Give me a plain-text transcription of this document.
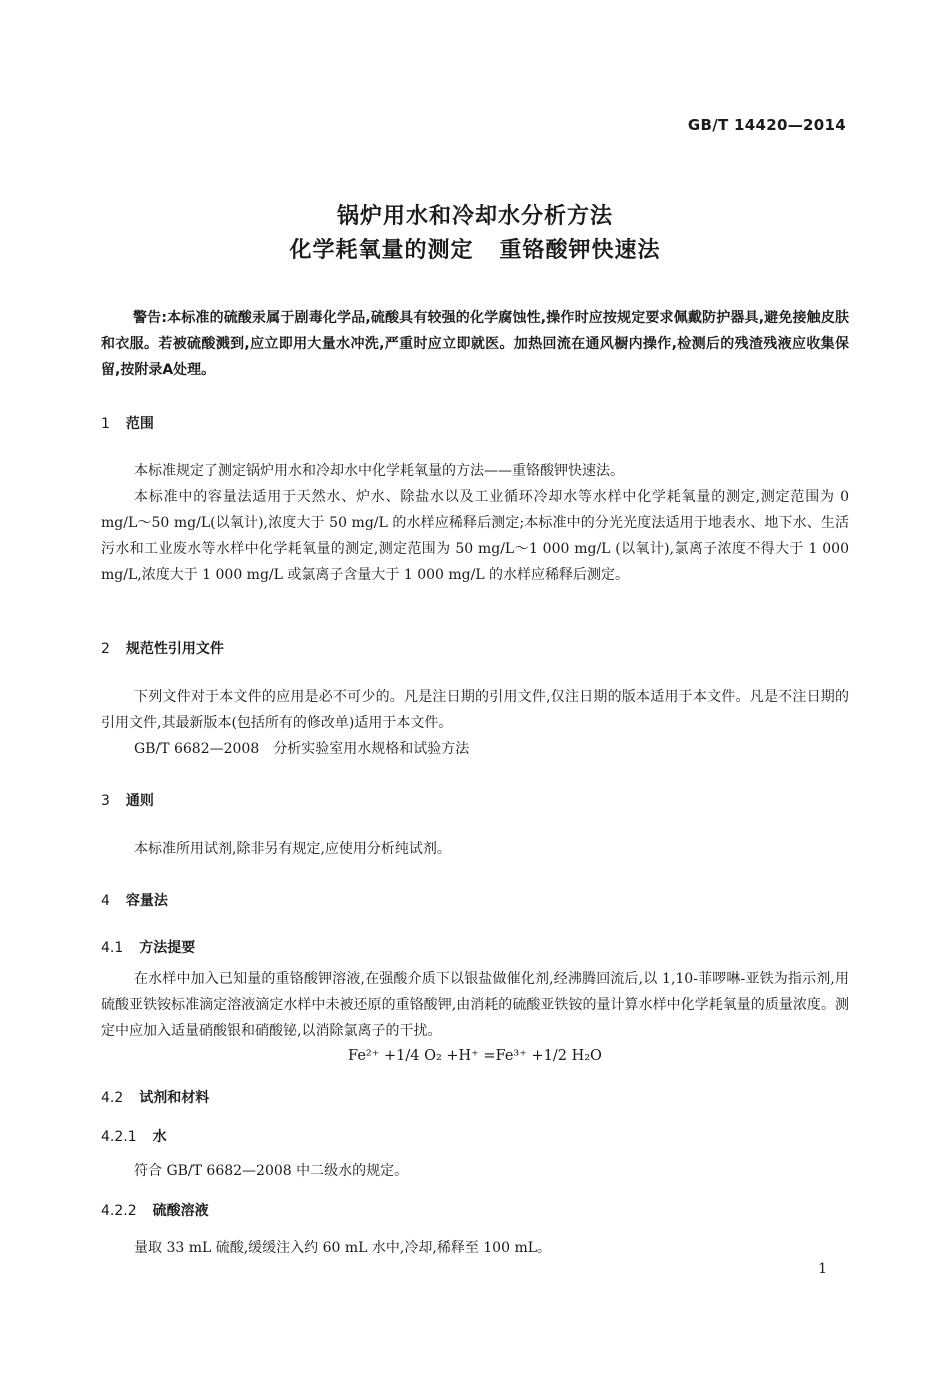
GB/T 14420—2014
锅炉用水和冷却水分析方法
化学耗氧量的测定 重铬酸钾快速法
警告:本标准的硫酸汞属于剧毒化学品,硫酸具有较强的化学腐蚀性,操作时应按规定要求佩戴防护器具,避免接触皮肤和衣服。若被硫酸溅到,应立即用大量水冲洗,严重时应立即就医。加热回流在通风橱内操作,检测后的残渣残液应收集保留,按附录A处理。
1 范围
本标准规定了测定锅炉用水和冷却水中化学耗氧量的方法——重铬酸钾快速法。
本标准中的容量法适用于天然水、炉水、除盐水以及工业循环冷却水等水样中化学耗氧量的测定,测定范围为 0 mg/L～50 mg/L(以氧计),浓度大于 50 mg/L 的水样应稀释后测定;本标准中的分光光度法适用于地表水、地下水、生活污水和工业废水等水样中化学耗氧量的测定,测定范围为 50 mg/L～1 000 mg/L (以氧计),氯离子浓度不得大于 1 000 mg/L,浓度大于 1 000 mg/L 或氯离子含量大于 1 000 mg/L 的水样应稀释后测定。
2 规范性引用文件
下列文件对于本文件的应用是必不可少的。凡是注日期的引用文件,仅注日期的版本适用于本文件。凡是不注日期的引用文件,其最新版本(包括所有的修改单)适用于本文件。
GB/T 6682—2008　分析实验室用水规格和试验方法
3 通则
本标准所用试剂,除非另有规定,应使用分析纯试剂。
4 容量法
4.1 方法提要
在水样中加入已知量的重铬酸钾溶液,在强酸介质下以银盐做催化剂,经沸腾回流后,以 1,10-菲啰啉-亚铁为指示剂,用硫酸亚铁铵标准滴定溶液滴定水样中未被还原的重铬酸钾,由消耗的硫酸亚铁铵的量计算水样中化学耗氧量的质量浓度。测定中应加入适量硝酸银和硝酸铋,以消除氯离子的干扰。
Fe²⁺ +1/4 O₂ +H⁺ =Fe³⁺ +1/2 H₂O
4.2 试剂和材料
4.2.1 水
符合 GB/T 6682—2008 中二级水的规定。
4.2.2 硫酸溶液
量取 33 mL 硫酸,缓缓注入约 60 mL 水中,冷却,稀释至 100 mL。
1
